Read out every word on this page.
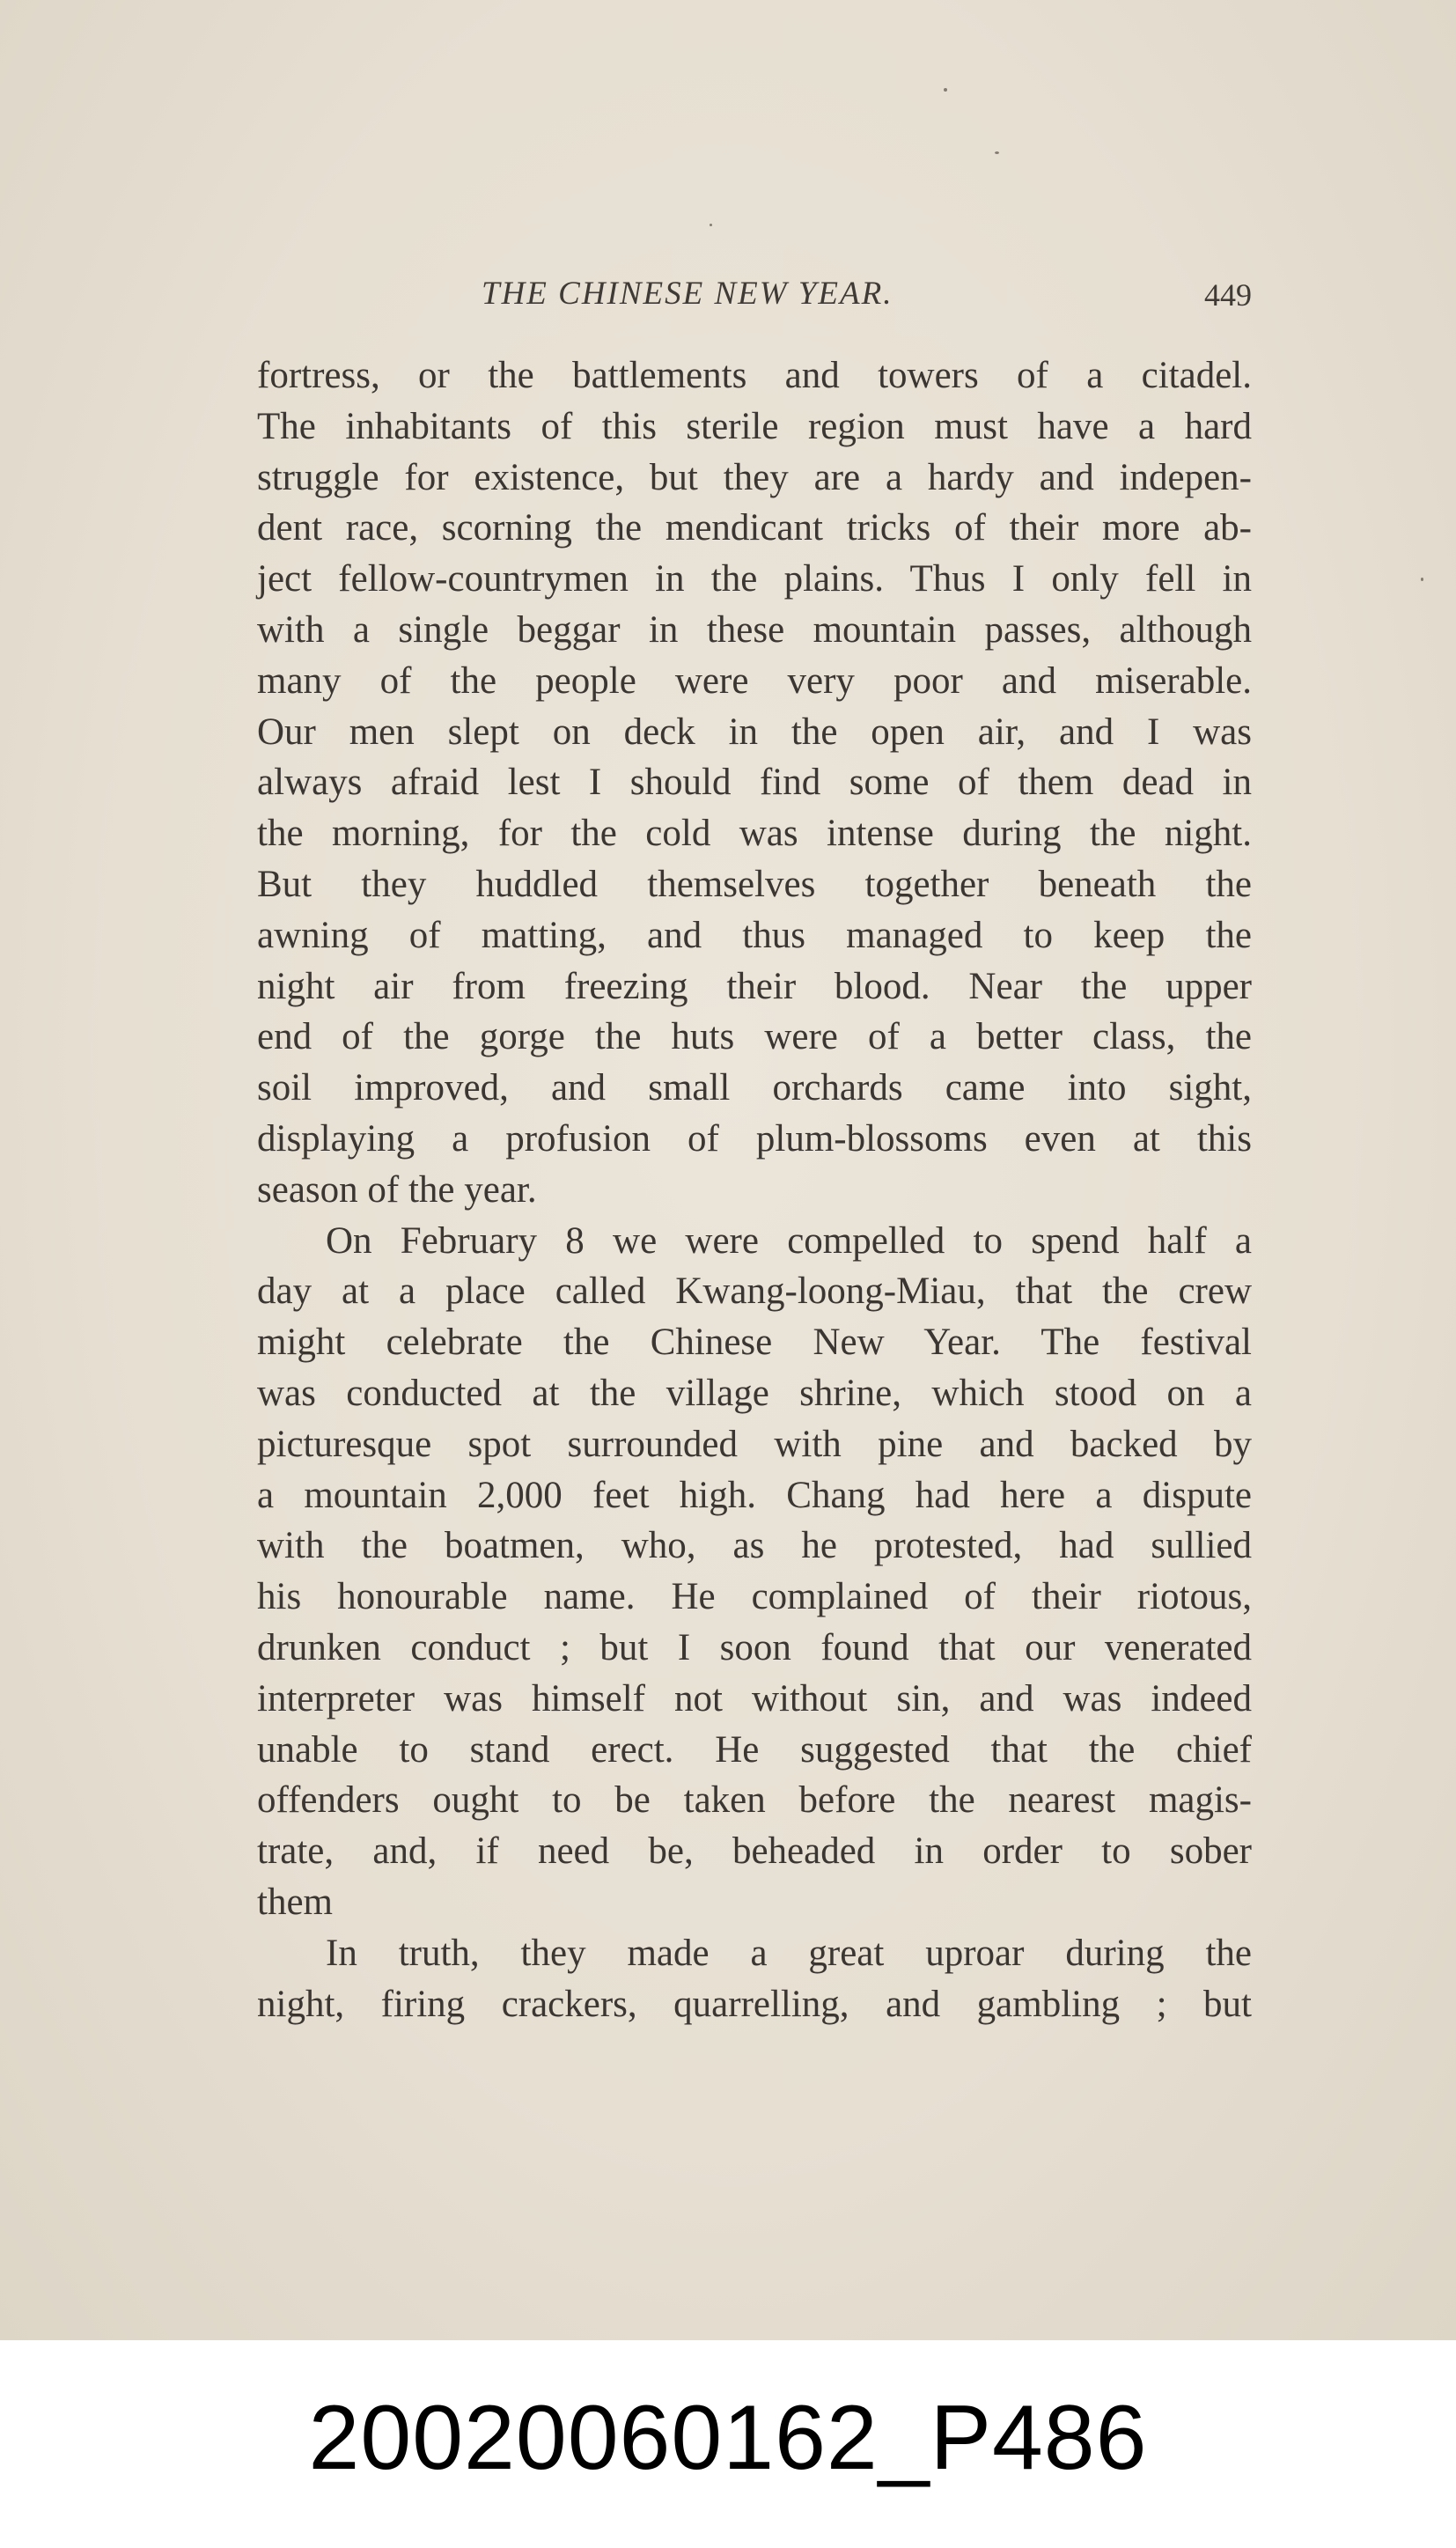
THE CHINESE NEW YEAR.	449
fortress, or the battlements and towers of a citadel.
The inhabitants of this sterile region must have a hard
struggle for existence, but they are a hardy and indepen-
dent race, scorning the mendicant tricks of their more ab-
ject fellow-countrymen in the plains. Thus I only fell in
with a single beggar in these mountain passes, although
many of the people were very poor and miserable.
Our men slept on deck in the open air, and I was
always afraid lest I should find some of them dead in
the morning, for the cold was intense during the night.
But they huddled themselves together beneath the
awning of matting, and thus managed to keep the
night air from freezing their blood. Near the upper
end of the gorge the huts were of a better class, the
soil improved, and small orchards came into sight,
displaying a profusion of plum-blossoms even at this
season of the year.
On February 8 we were compelled to spend half a
day at a place called Kwang-loong-Miau, that the crew
might celebrate the Chinese New Year. The festival
was conducted at the village shrine, which stood on a
picturesque spot surrounded with pine and backed by
a mountain 2,000 feet high. Chang had here a dispute
with the boatmen, who, as he protested, had sullied
his honourable name. He complained of their riotous,
drunken conduct ; but I soon found that our venerated
interpreter was himself not without sin, and was indeed
unable to stand erect. He suggested that the chief
offenders ought to be taken before the nearest magis-
trate, and, if need be, beheaded in order to sober
them
In truth, they made a great uproar during the
night, firing crackers, quarrelling, and gambling ; but
20020060162_P486
